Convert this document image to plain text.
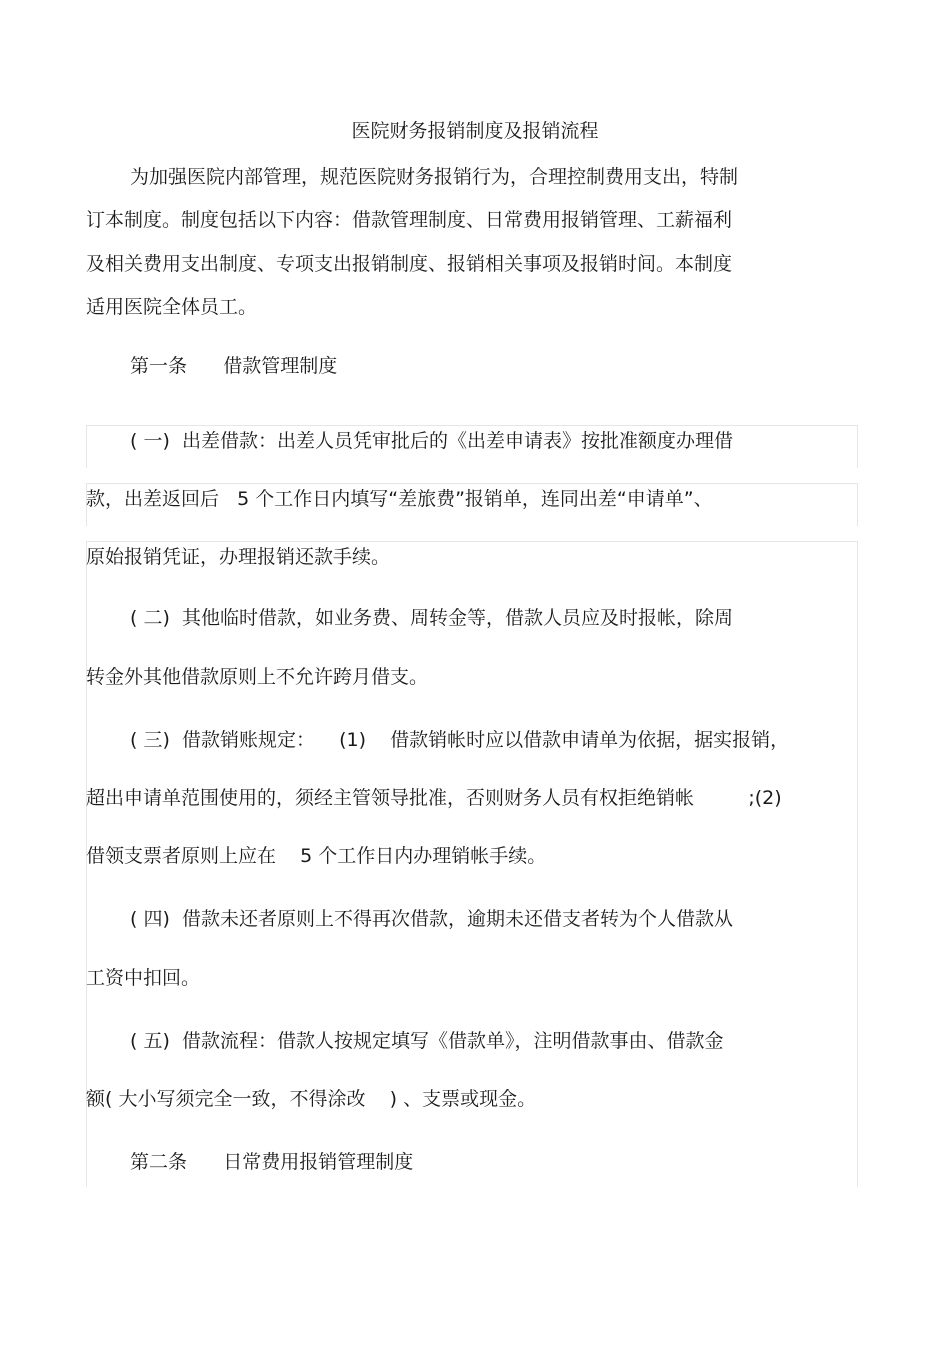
医院财务报销制度及报销流程

为加强医院内部管理，规范医院财务报销行为，合理控制费用支出，特制

订本制度。制度包括以下内容：借款管理制度、日常费用报销管理、工薪福利

及相关费用支出制度、专项支出报销制度、报销相关事项及报销时间。本制度

适用医院全体员工。

第一条      借款管理制度

( 一)  出差借款：出差人员凭审批后的《出差申请表》按批准额度办理借

款，出差返回后   5 个工作日内填写“差旅费”报销单，连同出差“申请单”、

原始报销凭证，办理报销还款手续。

( 二)  其他临时借款，如业务费、周转金等，借款人员应及时报帐，除周

转金外其他借款原则上不允许跨月借支。

( 三)  借款销账规定：    (1)    借款销帐时应以借款申请单为依据，据实报销，

超出申请单范围使用的，须经主管领导批准，否则财务人员有权拒绝销帐         ;(2)

借领支票者原则上应在    5 个工作日内办理销帐手续。

( 四)  借款未还者原则上不得再次借款，逾期未还借支者转为个人借款从

工资中扣回。

( 五)  借款流程：借款人按规定填写《借款单》，注明借款事由、借款金

额( 大小写须完全一致，不得涂改    ) 、支票或现金。

第二条      日常费用报销管理制度
